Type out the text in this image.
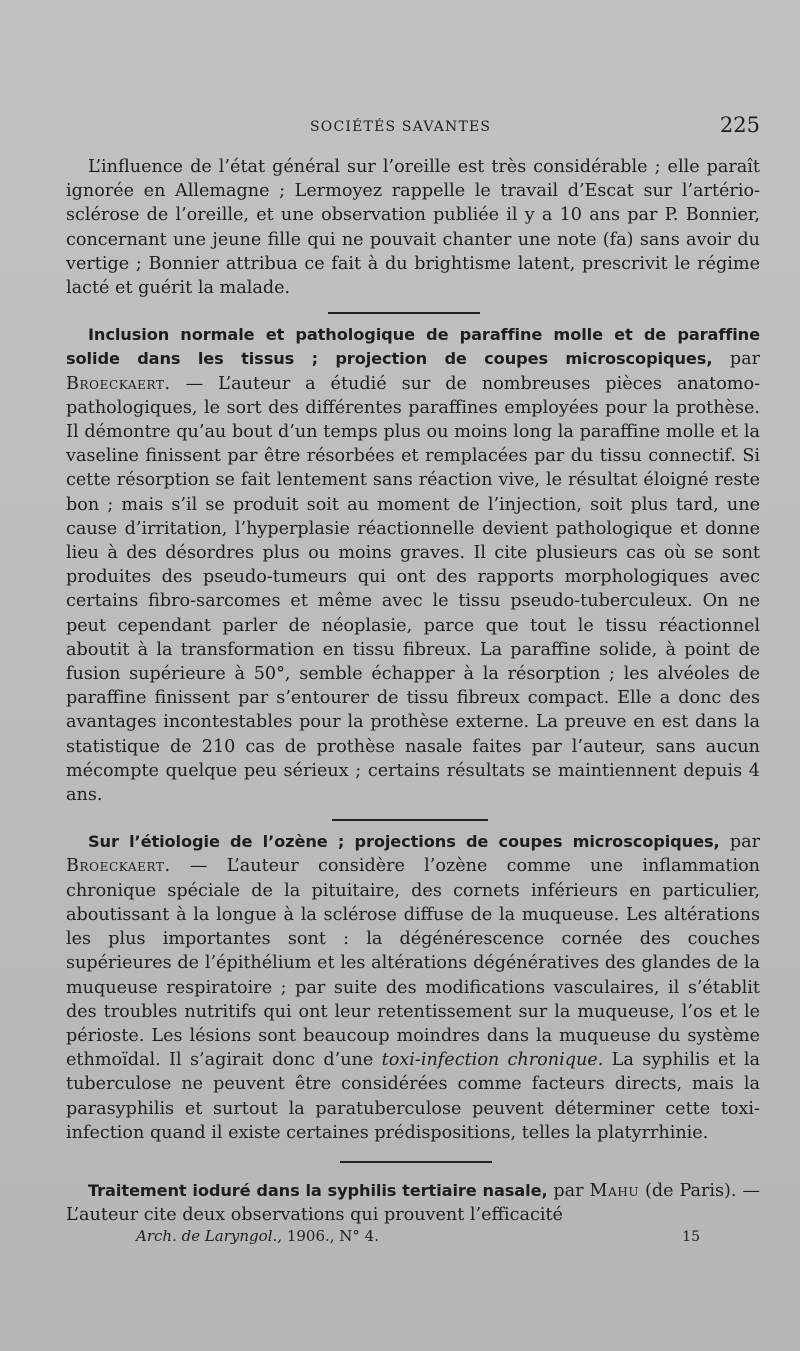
SOCIÉTÉS SAVANTES	225

L’influence de l’état général sur l’oreille est très considérable ; elle paraît ignorée en Allemagne ; Lermoyez rappelle le travail d’Escat sur l’artério-sclérose de l’oreille, et une observation publiée il y a 10 ans par P. Bonnier, concernant une jeune fille qui ne pouvait chanter une note (fa) sans avoir du vertige ; Bonnier attribua ce fait à du brightisme latent, prescrivit le régime lacté et guérit la malade.

Inclusion normale et pathologique de paraffine molle et de paraffine solide dans les tissus ; projection de coupes microscopiques, par Broeckaert. — L’auteur a étudié sur de nombreuses pièces anatomo-pathologiques, le sort des différentes paraffines employées pour la prothèse. Il démontre qu’au bout d’un temps plus ou moins long la paraffine molle et la vaseline finissent par être résorbées et remplacées par du tissu connectif. Si cette résorption se fait lentement sans réaction vive, le résultat éloigné reste bon ; mais s’il se produit soit au moment de l’injection, soit plus tard, une cause d’irritation, l’hyperplasie réactionnelle devient pathologique et donne lieu à des désordres plus ou moins graves. Il cite plusieurs cas où se sont produites des pseudo-tumeurs qui ont des rapports morphologiques avec certains fibro-sarcomes et même avec le tissu pseudo-tuberculeux. On ne peut cependant parler de néoplasie, parce que tout le tissu réactionnel aboutit à la transformation en tissu fibreux. La paraffine solide, à point de fusion supérieure à 50°, semble échapper à la résorption ; les alvéoles de paraffine finissent par s’entourer de tissu fibreux compact. Elle a donc des avantages incontestables pour la prothèse externe. La preuve en est dans la statistique de 210 cas de prothèse nasale faites par l’auteur, sans aucun mécompte quelque peu sérieux ; certains résultats se maintiennent depuis 4 ans.

Sur l’étiologie de l’ozène ; projections de coupes microscopiques, par Broeckaert. — L’auteur considère l’ozène comme une inflammation chronique spéciale de la pituitaire, des cornets inférieurs en particulier, aboutissant à la longue à la sclérose diffuse de la muqueuse. Les altérations les plus importantes sont : la dégénérescence cornée des couches supérieures de l’épithélium et les altérations dégénératives des glandes de la muqueuse respiratoire ; par suite des modifications vasculaires, il s’établit des troubles nutritifs qui ont leur retentissement sur la muqueuse, l’os et le périoste. Les lésions sont beaucoup moindres dans la muqueuse du système ethmoïdal. Il s’agirait donc d’une toxi-infection chronique. La syphilis et la tuberculose ne peuvent être considérées comme facteurs directs, mais la parasyphilis et surtout la paratuberculose peuvent déterminer cette toxi-infection quand il existe certaines prédispositions, telles la platyrrhinie.

Traitement ioduré dans la syphilis tertiaire nasale, par Mahu (de Paris). — L’auteur cite deux observations qui prouvent l’efficacité

Arch. de Laryngol., 1906., N° 4.	15
